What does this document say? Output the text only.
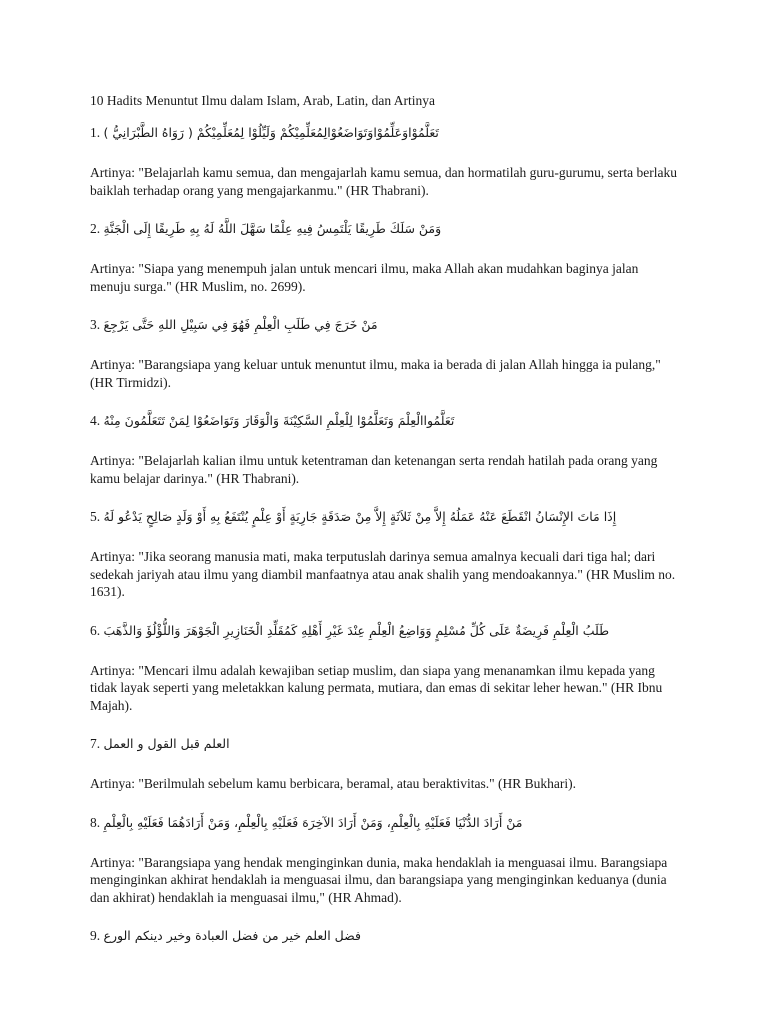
10 Hadits Menuntut Ilmu dalam Islam, Arab, Latin, dan Artinya

1. تَعَلَّمُوْاوَعَلِّمُوْاوَتَوَاضَعُوْالِمُعَلِّمِيْكُمْ وَلَيِّلُوْا لِمُعَلِّمِيْكُمْ ( رَوَاهُ الطَّبْرَانِيُّ )

Artinya: "Belajarlah kamu semua, dan mengajarlah kamu semua, dan hormatilah guru-gurumu, serta berlaku baiklah terhadap orang yang mengajarkanmu." (HR Thabrani).

2. وَمَنْ سَلَكَ طَرِيقًا يَلْتَمِسُ فِيهِ عِلْمًا سَهَّلَ اللَّهُ لَهُ بِهِ طَرِيقًا إِلَى الْجَنَّةِ

Artinya: "Siapa yang menempuh jalan untuk mencari ilmu, maka Allah akan mudahkan baginya jalan menuju surga." (HR Muslim, no. 2699).

3. مَنْ خَرَجَ فِي طَلَبِ الْعِلْمِ فَهُوَ فِي سَبِيْلِ اللهِ حَتَّى يَرْجِعَ

Artinya: "Barangsiapa yang keluar untuk menuntut ilmu, maka ia berada di jalan Allah hingga ia pulang," (HR Tirmidzi).

4. تَعَلَّمُواالْعِلْمَ وَتَعَلَّمُوْا لِلْعِلْمِ السَّكِيْنَةَ وَالْوَقَارَ وَتَوَاضَعُوْا لِمَنْ تَتَعَلَّمُونَ مِنْهُ

Artinya: "Belajarlah kalian ilmu untuk ketentraman dan ketenangan serta rendah hatilah pada orang yang kamu belajar darinya." (HR Thabrani).

5. إِذَا مَاتَ الإِنْسَانُ انْقَطَعَ عَنْهُ عَمَلُهُ إِلاَّ مِنْ ثَلاَثَةٍ إِلاَّ مِنْ صَدَقَةٍ جَارِيَةٍ أَوْ عِلْمٍ يُنْتَفَعُ بِهِ أَوْ وَلَدٍ صَالِحٍ يَدْعُو لَهُ

Artinya: "Jika seorang manusia mati, maka terputuslah darinya semua amalnya kecuali dari tiga hal; dari sedekah jariyah atau ilmu yang diambil manfaatnya atau anak shalih yang mendoakannya." (HR Muslim no. 1631).

6. طَلَبُ الْعِلْمِ فَرِيضَةٌ عَلَى كُلِّ مُسْلِمٍ وَوَاضِعُ الْعِلْمِ عِنْدَ غَيْرِ أَهْلِهِ كَمُقَلِّدِ الْخَنَازِيرِ الْجَوْهَرَ وَاللُّؤْلُؤَ وَالذَّهَبَ

Artinya: "Mencari ilmu adalah kewajiban setiap muslim, dan siapa yang menanamkan ilmu kepada yang tidak layak seperti yang meletakkan kalung permata, mutiara, dan emas di sekitar leher hewan." (HR Ibnu Majah).

7. العلم قبل القول و العمل

Artinya: "Berilmulah sebelum kamu berbicara, beramal, atau beraktivitas." (HR Bukhari).

8. مَنْ أَرَادَ الدُّنْيَا فَعَلَيْهِ بِالْعِلْمِ، وَمَنْ أَرَادَ الآخِرَهَ فَعَلَيْهِ بِالْعِلْمِ، وَمَنْ أَرَادَهُمَا فَعَلَيْهِ بِالْعِلْمِ

Artinya: "Barangsiapa yang hendak menginginkan dunia, maka hendaklah ia menguasai ilmu. Barangsiapa menginginkan akhirat hendaklah ia menguasai ilmu, dan barangsiapa yang menginginkan keduanya (dunia dan akhirat) hendaklah ia menguasai ilmu," (HR Ahmad).

9. فضل العلم خير من فضل العبادة وخير دينكم الورع
